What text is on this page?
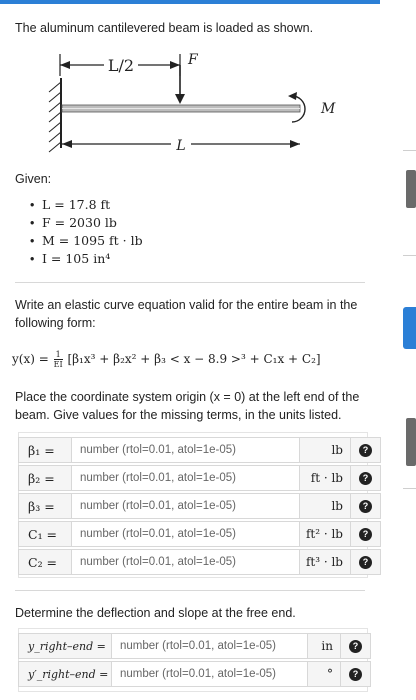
The aluminum cantilevered beam is loaded as shown.
L/2	F
M
L
Given:
• L = 17.8 ft
• F = 2030 lb
• M = 1095 ft · lb
• I = 105 in⁴
Write an elastic curve equation valid for the entire beam in the following form:
$y(x) = \frac{1}{EI} [\beta_1x^3 + \beta_2x^2 + \beta_3 < x - 8.9 >^3 + C_1x + C_2]$
Place the coordinate system origin (x = 0) at the left end of the beam. Give values for the missing terms, in the units listed.
β₁ =	number (rtol=0.01, atol=1e-05)	lb	?
β₂ =	number (rtol=0.01, atol=1e-05)	ft · lb	?
β₃ =	number (rtol=0.01, atol=1e-05)	lb	?
C₁ =	number (rtol=0.01, atol=1e-05)	ft² · lb	?
C₂ =	number (rtol=0.01, atol=1e-05)	ft³ · lb	?
Determine the deflection and slope at the free end.
y_right–end =	number (rtol=0.01, atol=1e-05)	in	?
y′_right–end =	number (rtol=0.01, atol=1e-05)	°	?
